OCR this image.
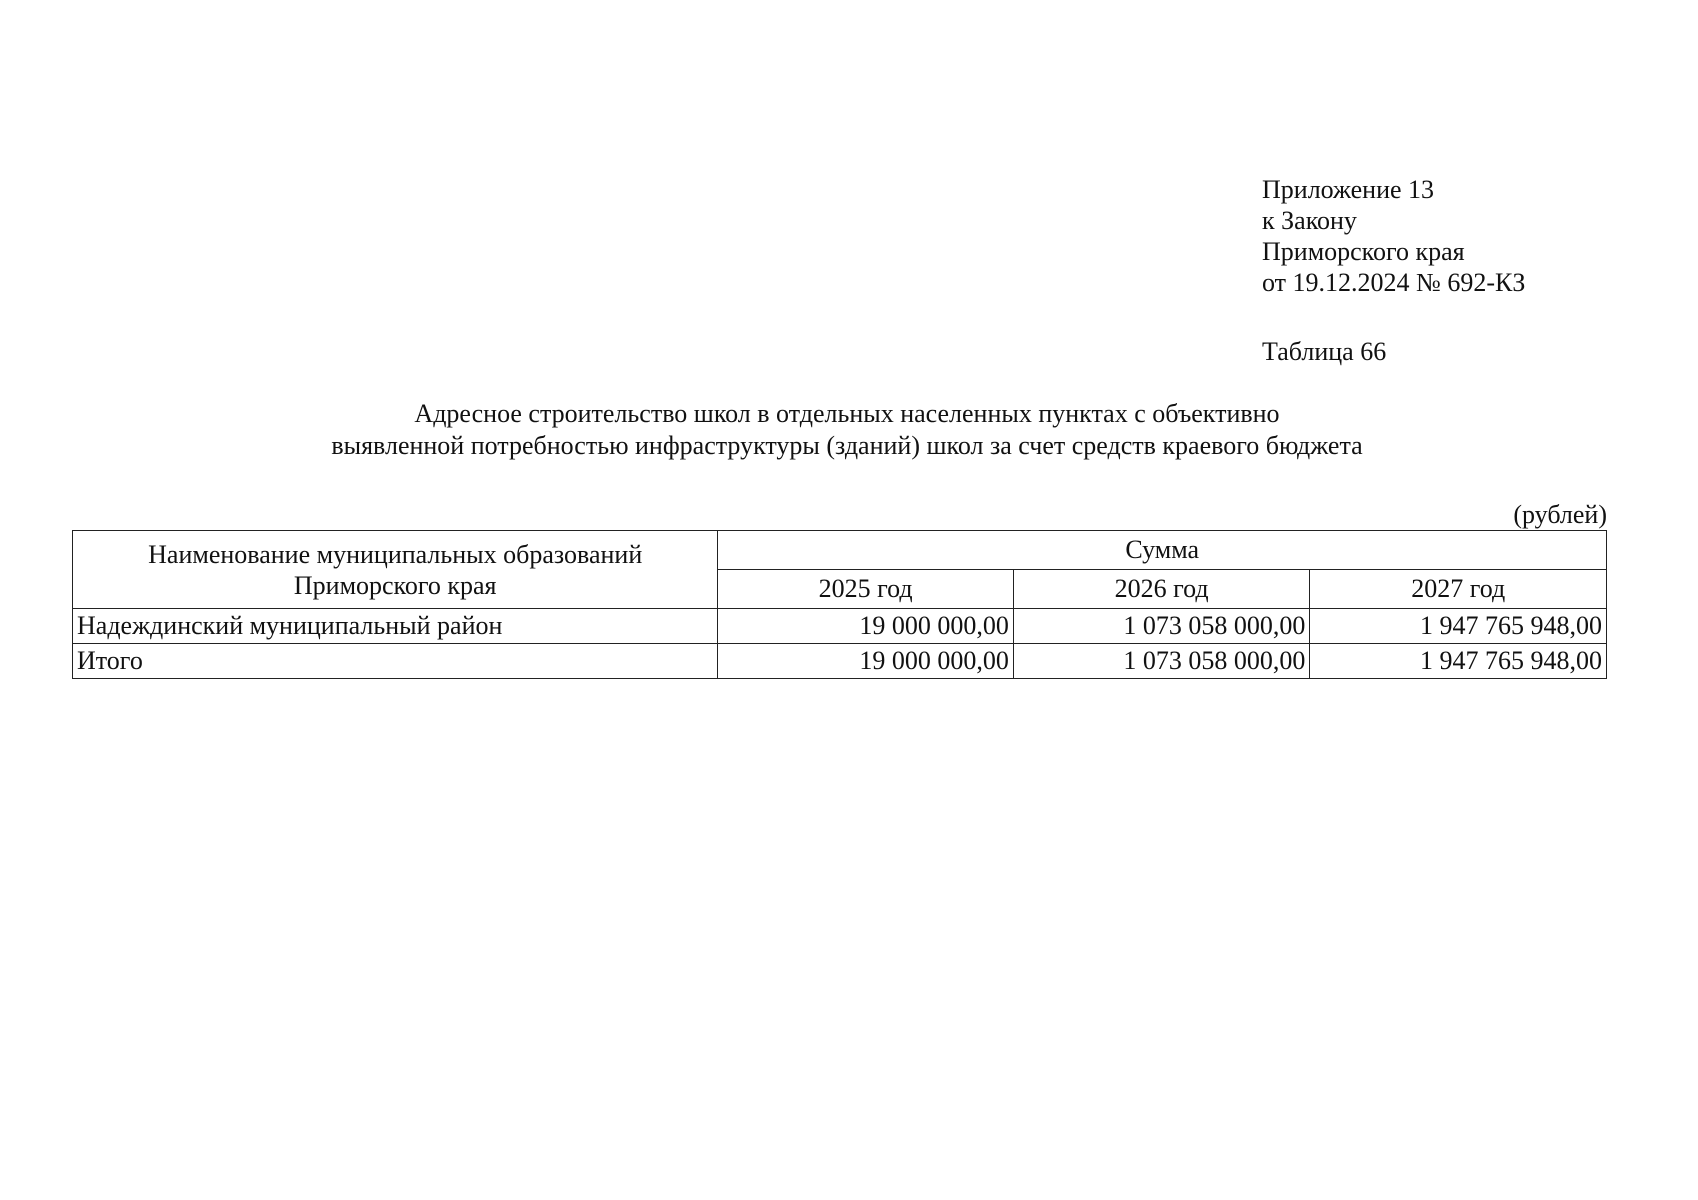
Приложение 13
к Закону
Приморского края
от 19.12.2024 № 692-КЗ
Таблица 66
Адресное строительство школ в отдельных населенных пунктах с объективно
выявленной потребностью инфраструктуры (зданий) школ за счет средств краевого бюджета
(рублей)
Наименование муниципальных образований
Приморского края	Сумма		
	2025 год	2026 год	2027 год
Надеждинский муниципальный район	19 000 000,00	1 073 058 000,00	1 947 765 948,00
Итого	19 000 000,00	1 073 058 000,00	1 947 765 948,00
